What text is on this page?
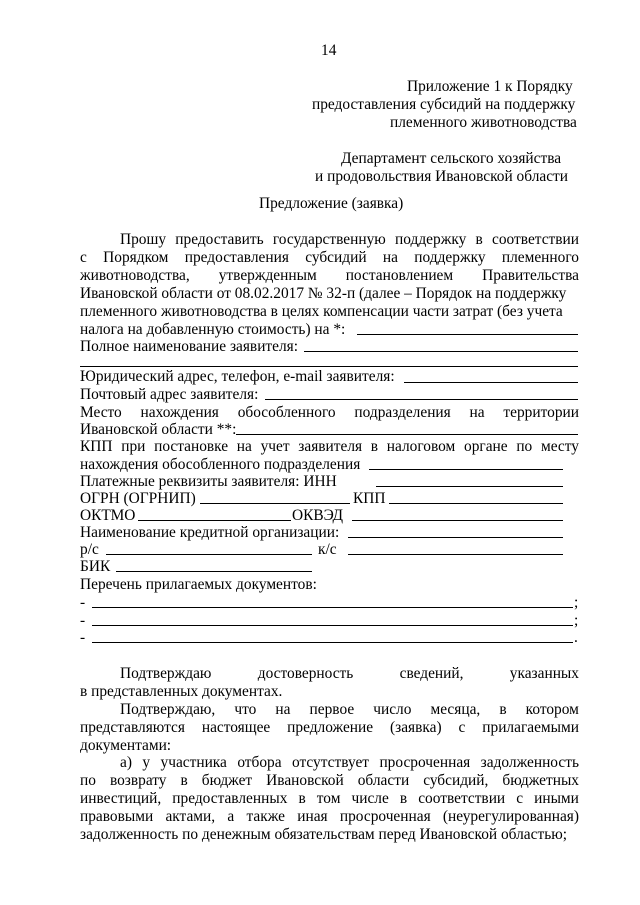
14
Приложение 1 к Порядку
предоставления субсидий на поддержку
племенного животноводства
Департамент сельского хозяйства
и продовольствия Ивановской области
Предложение (заявка)
Прошу предоставить государственную поддержку в соответствии
с Порядком предоставления субсидий на поддержку племенного
животноводства, утвержденным постановлением Правительства
Ивановской области от 08.02.2017 № 32-п (далее – Порядок на поддержку
племенного животноводства в целях компенсации части затрат (без учета
налога на добавленную стоимость) на *:
Полное наименование заявителя:
Юридический адрес, телефон, e-mail заявителя:
Почтовый адрес заявителя:
Место нахождения обособленного подразделения на территории
Ивановской области **:
КПП при постановке на учет заявителя в налоговом органе по месту
нахождения обособленного подразделения
Платежные реквизиты заявителя: ИНН
ОГРН (ОГРНИП)	КПП
ОКТМО	ОКВЭД
Наименование кредитной организации:
р/с	к/с
БИК
Перечень прилагаемых документов:
-	;
-	;
-	.
Подтверждаю	достоверность	сведений,	указанных
в представленных документах.
Подтверждаю, что на первое число месяца, в котором
представляются настоящее предложение (заявка) с прилагаемыми
документами:
а) у участника отбора отсутствует просроченная задолженность
по возврату в бюджет Ивановской области субсидий, бюджетных
инвестиций, предоставленных в том числе в соответствии с иными
правовыми актами, а также иная просроченная (неурегулированная)
задолженность по денежным обязательствам перед Ивановской областью;
